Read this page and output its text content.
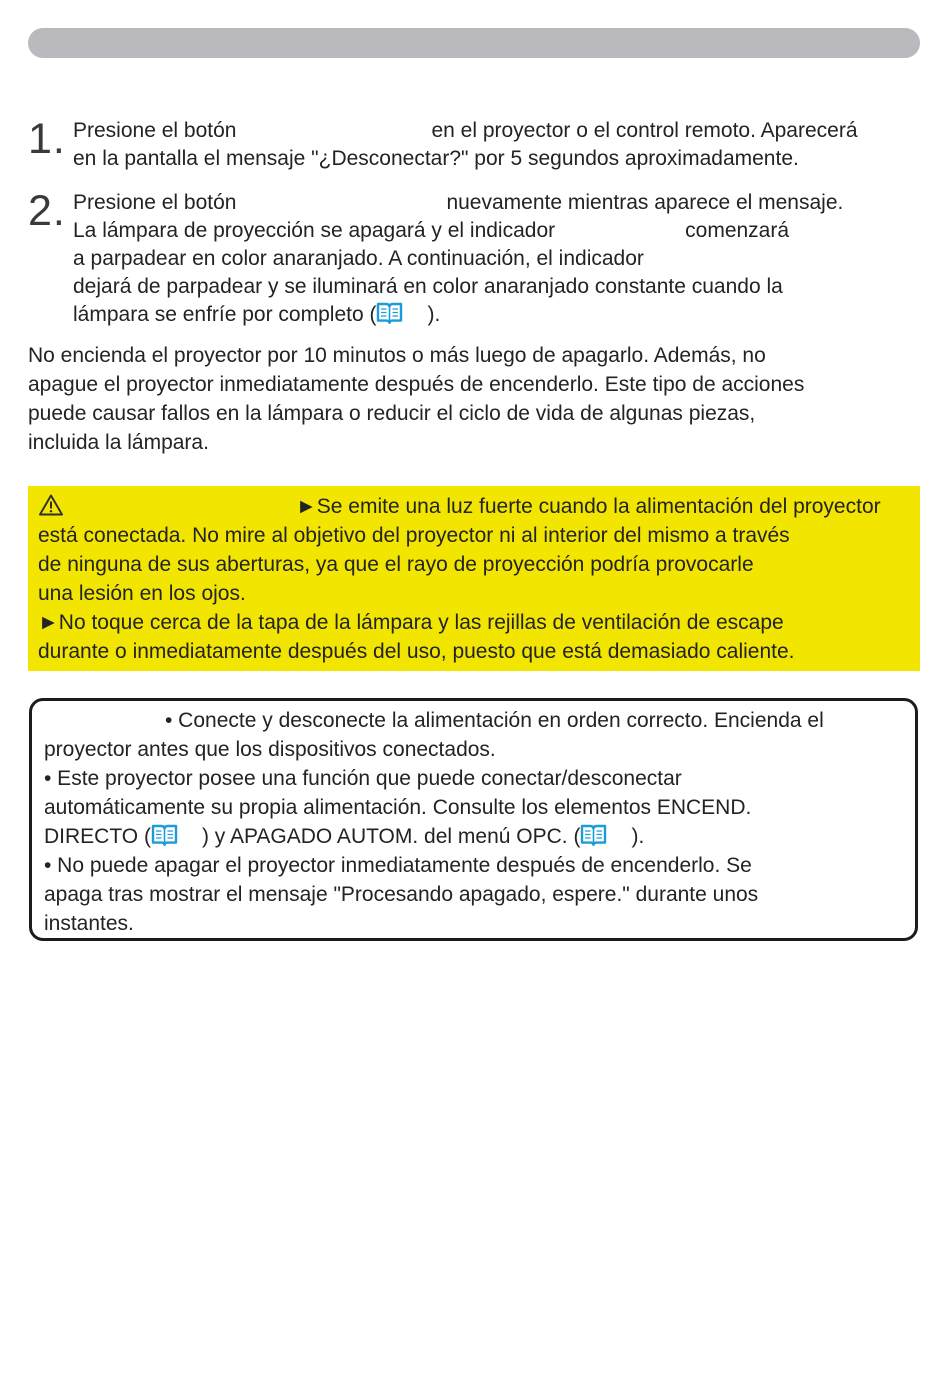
1. Presione el botón	en el proyector o el control remoto. Aparecerá
en la pantalla el mensaje "¿Desconectar?" por 5 segundos aproximadamente.
2. Presione el botón	nuevamente mientras aparece el mensaje.
La lámpara de proyección se apagará y el indicador	comenzará
a parpadear en color anaranjado. A continuación, el indicador
dejará de parpadear y se iluminará en color anaranjado constante cuando la
lámpara se enfríe por completo ( ).
No encienda el proyector por 10 minutos o más luego de apagarlo. Además, no
apague el proyector inmediatamente después de encenderlo. Este tipo de acciones
puede causar fallos en la lámpara o reducir el ciclo de vida de algunas piezas,
incluida la lámpara.
►Se emite una luz fuerte cuando la alimentación del proyector
está conectada. No mire al objetivo del proyector ni al interior del mismo a través
de ninguna de sus aberturas, ya que el rayo de proyección podría provocarle
una lesión en los ojos.
►No toque cerca de la tapa de la lámpara y las rejillas de ventilación de escape
durante o inmediatamente después del uso, puesto que está demasiado caliente.
• Conecte y desconecte la alimentación en orden correcto. Encienda el
proyector antes que los dispositivos conectados.
• Este proyector posee una función que puede conectar/desconectar
automáticamente su propia alimentación. Consulte los elementos ENCEND.
DIRECTO ( ) y APAGADO AUTOM. del menú OPC. ( ).
• No puede apagar el proyector inmediatamente después de encenderlo. Se
apaga tras mostrar el mensaje "Procesando apagado, espere." durante unos
instantes.
